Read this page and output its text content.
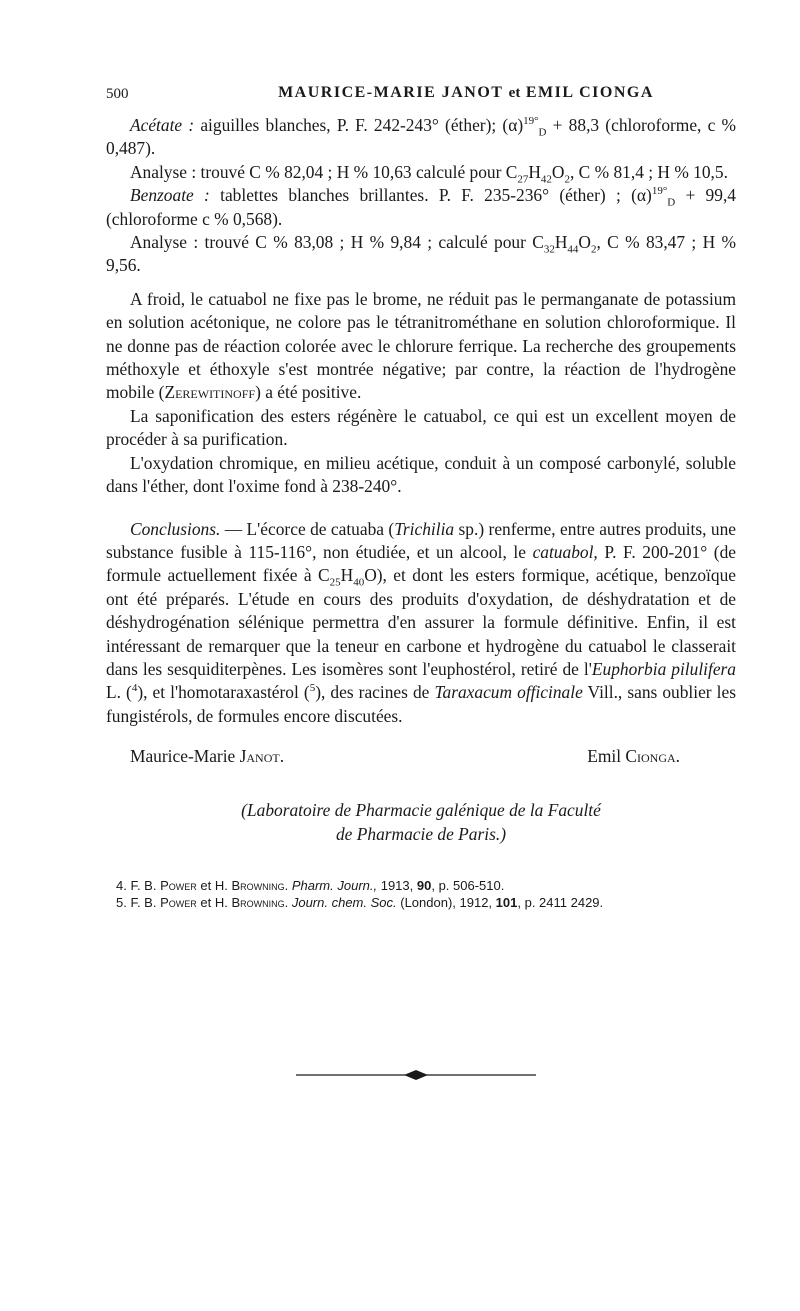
500	MAURICE-MARIE JANOT et EMIL CIONGA

Acétate : aiguilles blanches, P. F. 242-243° (éther); $(\alpha)^{19^\circ}_D + 88,3$ (chloroforme, c % 0,487).

Analyse : trouvé C % 82,04 ; H % 10,63 calculé pour $C_{27}H_{42}O_2$, C % 81,4 ; H % 10,5.

Benzoate : tablettes blanches brillantes. P. F. 235-236° (éther) ; $(\alpha)^{19^\circ}_D + 99,4$ (chloroforme c % 0,568).

Analyse : trouvé C % 83,08 ; H % 9,84 ; calculé pour $C_{32}H_{44}O_2$, C % 83,47 ; H % 9,56.

A froid, le catuabol ne fixe pas le brome, ne réduit pas le permanganate de potassium en solution acétonique, ne colore pas le tétranitrométhane en solution chloroformique. Il ne donne pas de réaction colorée avec le chlorure ferrique. La recherche des groupements méthoxyle et éthoxyle s'est montrée négative; par contre, la réaction de l'hydrogène mobile (Zerewitinoff) a été positive.

La saponification des esters régénère le catuabol, ce qui est un excellent moyen de procéder à sa purification.

L'oxydation chromique, en milieu acétique, conduit à un composé carbonylé, soluble dans l'éther, dont l'oxime fond à 238-240°.

Conclusions. — L'écorce de catuaba (Trichilia sp.) renferme, entre autres produits, une substance fusible à 115-116°, non étudiée, et un alcool, le catuabol, P. F. 200-201° (de formule actuellement fixée à $C_{25}H_{40}O$), et dont les esters formique, acétique, benzoïque ont été préparés. L'étude en cours des produits d'oxydation, de déshydratation et de déshydrogénation sélénique permettra d'en assurer la formule définitive. Enfin, il est intéressant de remarquer que la teneur en carbone et hydrogène du catuabol le classerait dans les sesquiditerpènes. Les isomères sont l'euphostérol, retiré de l'Euphorbia pilulifera L. ($^4$), et l'homotaraxastérol ($^5$), des racines de Taraxacum officinale Vill., sans oublier les fungistérols, de formules encore discutées.

Maurice-Marie Janot.	Emil Cionga.
(Laboratoire de Pharmacie galénique de la Faculté
de Pharmacie de Paris.)
4. F. B. Power et H. Browning. Pharm. Journ., 1913, 90, p. 506-510.
5. F. B. Power et H. Browning. Journ. chem. Soc. (London), 1912, 101, p. 2411 2429.
